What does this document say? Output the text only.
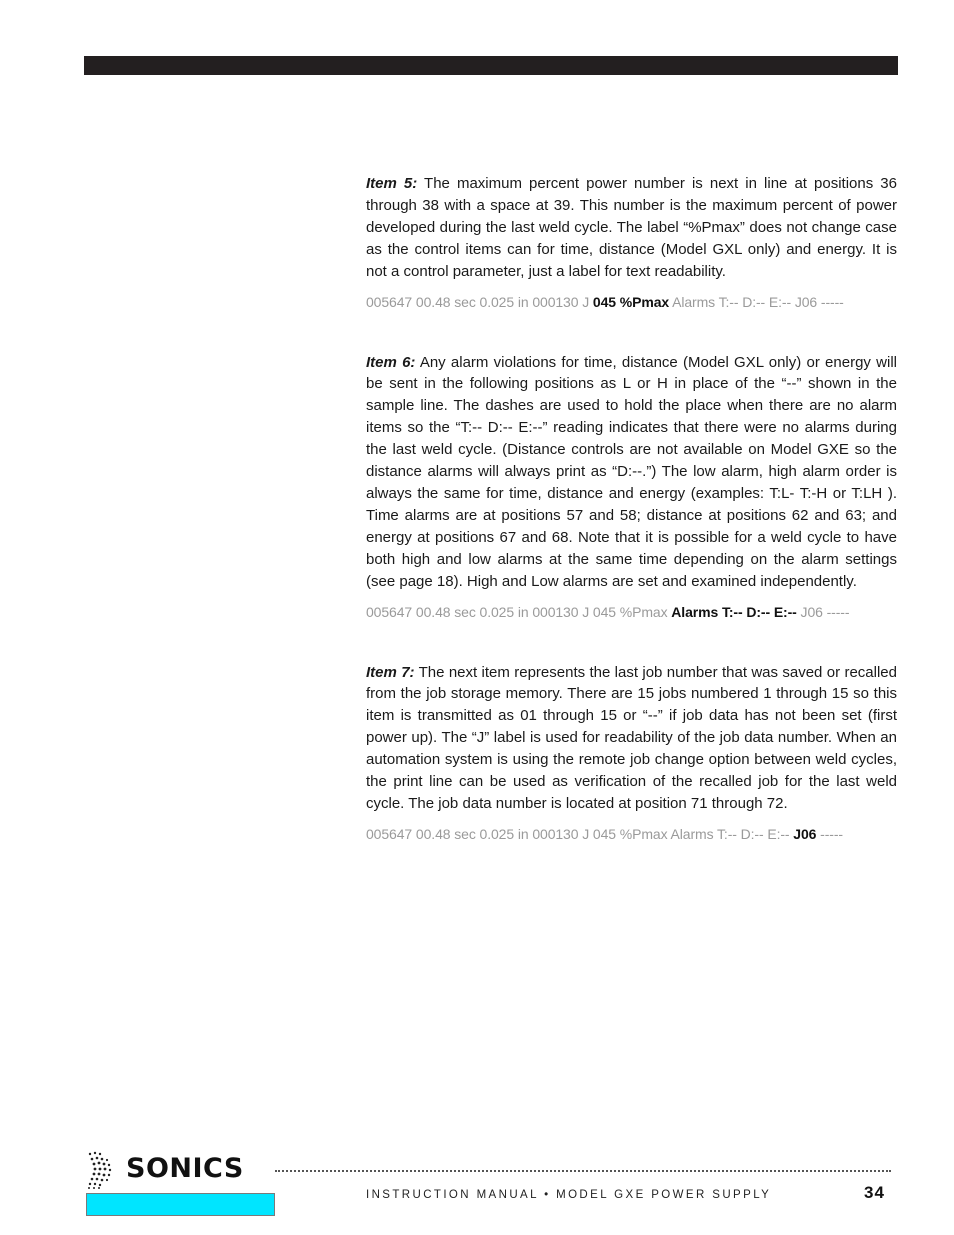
Item 5: The maximum percent power number is next in line at positions 36 through 38 with a space at 39. This number is the maximum percent of power developed during the last weld cycle. The label “%Pmax” does not change case as the control items can for time, distance (Model GXL only) and energy. It is not a control parameter, just a label for text readability.

005647 00.48 sec 0.025 in 000130 J 045 %Pmax Alarms T:-- D:-- E:-- J06 -----

Item 6: Any alarm violations for time, distance (Model GXL only) or energy will be sent in the following positions as L or H in place of the “--” shown in the sample line. The dashes are used to hold the place when there are no alarm items so the “T:-- D:-- E:--” reading indicates that there were no alarms during the last weld cycle. (Distance controls are not available on Model GXE so the distance alarms will always print as “D:--.”) The low alarm, high alarm order is always the same for time, distance and energy (examples: T:L- T:-H or T:LH ). Time alarms are at positions 57 and 58; distance at positions 62 and 63; and energy at positions 67 and 68. Note that it is possible for a weld cycle to have both high and low alarms at the same time depending on the alarm settings (see page 18). High and Low alarms are set and examined independently.

005647 00.48 sec 0.025 in 000130 J 045 %Pmax Alarms T:-- D:-- E:-- J06 -----

Item 7: The next item represents the last job number that was saved or recalled from the job storage memory. There are 15 jobs numbered 1 through 15 so this item is transmitted as 01 through 15 or “--” if job data has not been set (first power up). The “J” label is used for readability of the job data number. When an automation system is using the remote job change option between weld cycles, the print line can be used as verification of the recalled job for the last weld cycle. The job data number is located at position 71 through 72.

005647 00.48 sec 0.025 in 000130 J 045 %Pmax Alarms T:-- D:-- E:-- J06 -----

SONICS
INSTRUCTION MANUAL • MODEL GXE POWER SUPPLY	34
